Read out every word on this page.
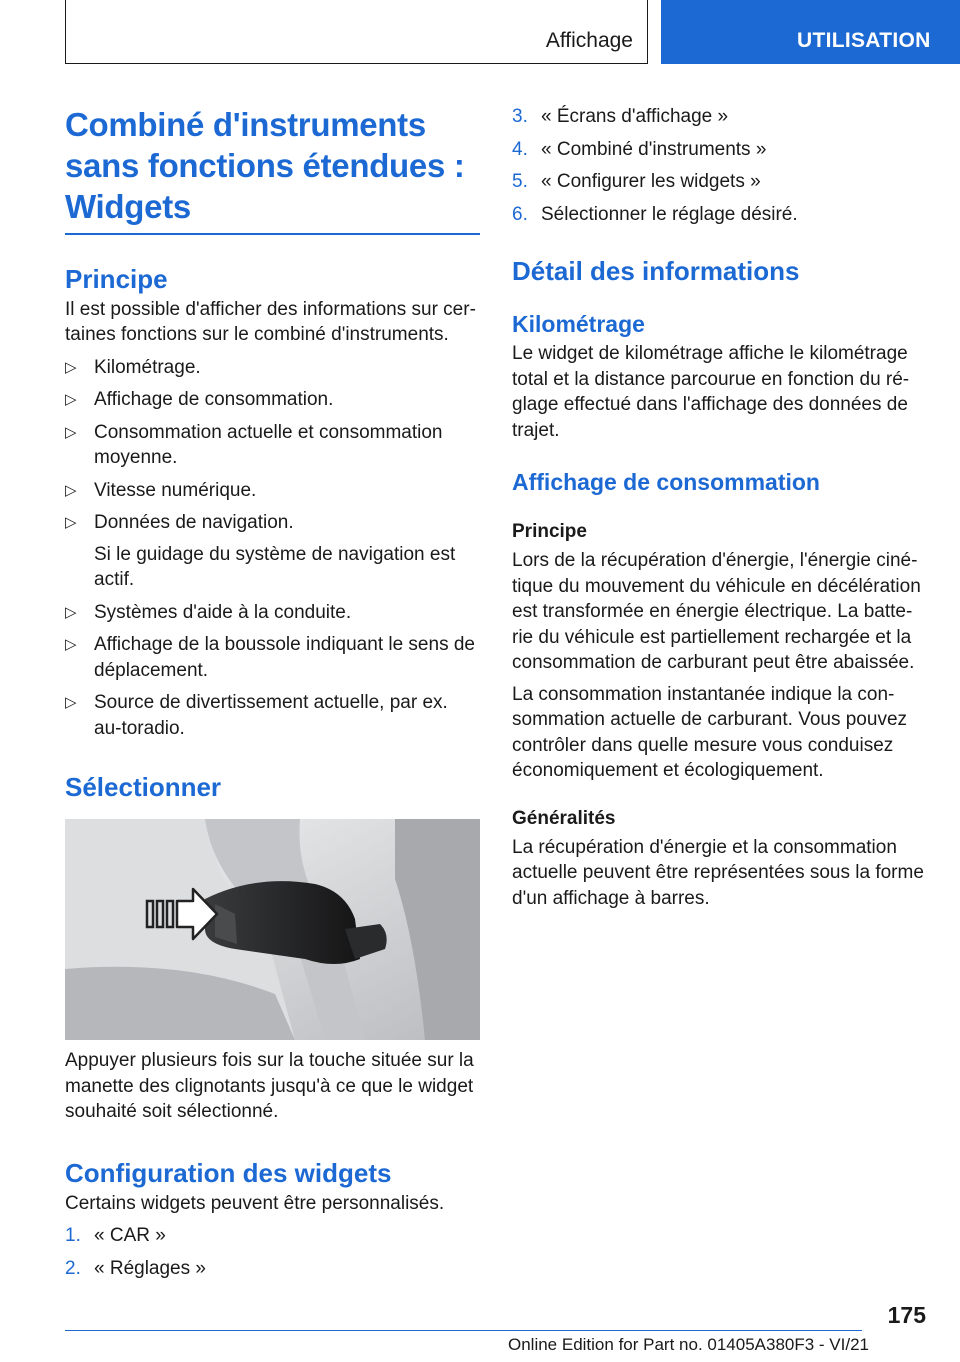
Affichage	UTILISATION
Combiné d'instruments
sans fonctions étendues :
Widgets
Principe

Il est possible d'afficher des informations sur cer-taines fonctions sur le combiné d'instruments.

▷ Kilométrage.
▷ Affichage de consommation.
▷ Consommation actuelle et consommation moyenne.
▷ Vitesse numérique.
▷ Données de navigation.
Si le guidage du système de navigation est actif.
▷ Systèmes d'aide à la conduite.
▷ Affichage de la boussole indiquant le sens de déplacement.
▷ Source de divertissement actuelle, par ex. au-toradio.
Sélectionner

Appuyer plusieurs fois sur la touche située sur la manette des clignotants jusqu'à ce que le widget souhaité soit sélectionné.

Configuration des widgets

Certains widgets peuvent être personnalisés.

1. « CAR »
2. « Réglages »
3. « Écrans d'affichage »
4. « Combiné d'instruments »
5. « Configurer les widgets »
6. Sélectionner le réglage désiré.
Détail des informations
Kilométrage

Le widget de kilométrage affiche le kilométrage total et la distance parcourue en fonction du ré-glage effectué dans l'affichage des données de trajet.

Affichage de consommation
Principe

Lors de la récupération d'énergie, l'énergie ciné-tique du mouvement du véhicule en décélération est transformée en énergie électrique. La batte-rie du véhicule est partiellement rechargée et la consommation de carburant peut être abaissée.

La consommation instantanée indique la con-sommation actuelle de carburant. Vous pouvez contrôler dans quelle mesure vous conduisez économiquement et écologiquement.

Généralités

La récupération d'énergie et la consommation actuelle peuvent être représentées sous la forme d'un affichage à barres.

175
Online Edition for Part no. 01405A380F3 - VI/21
